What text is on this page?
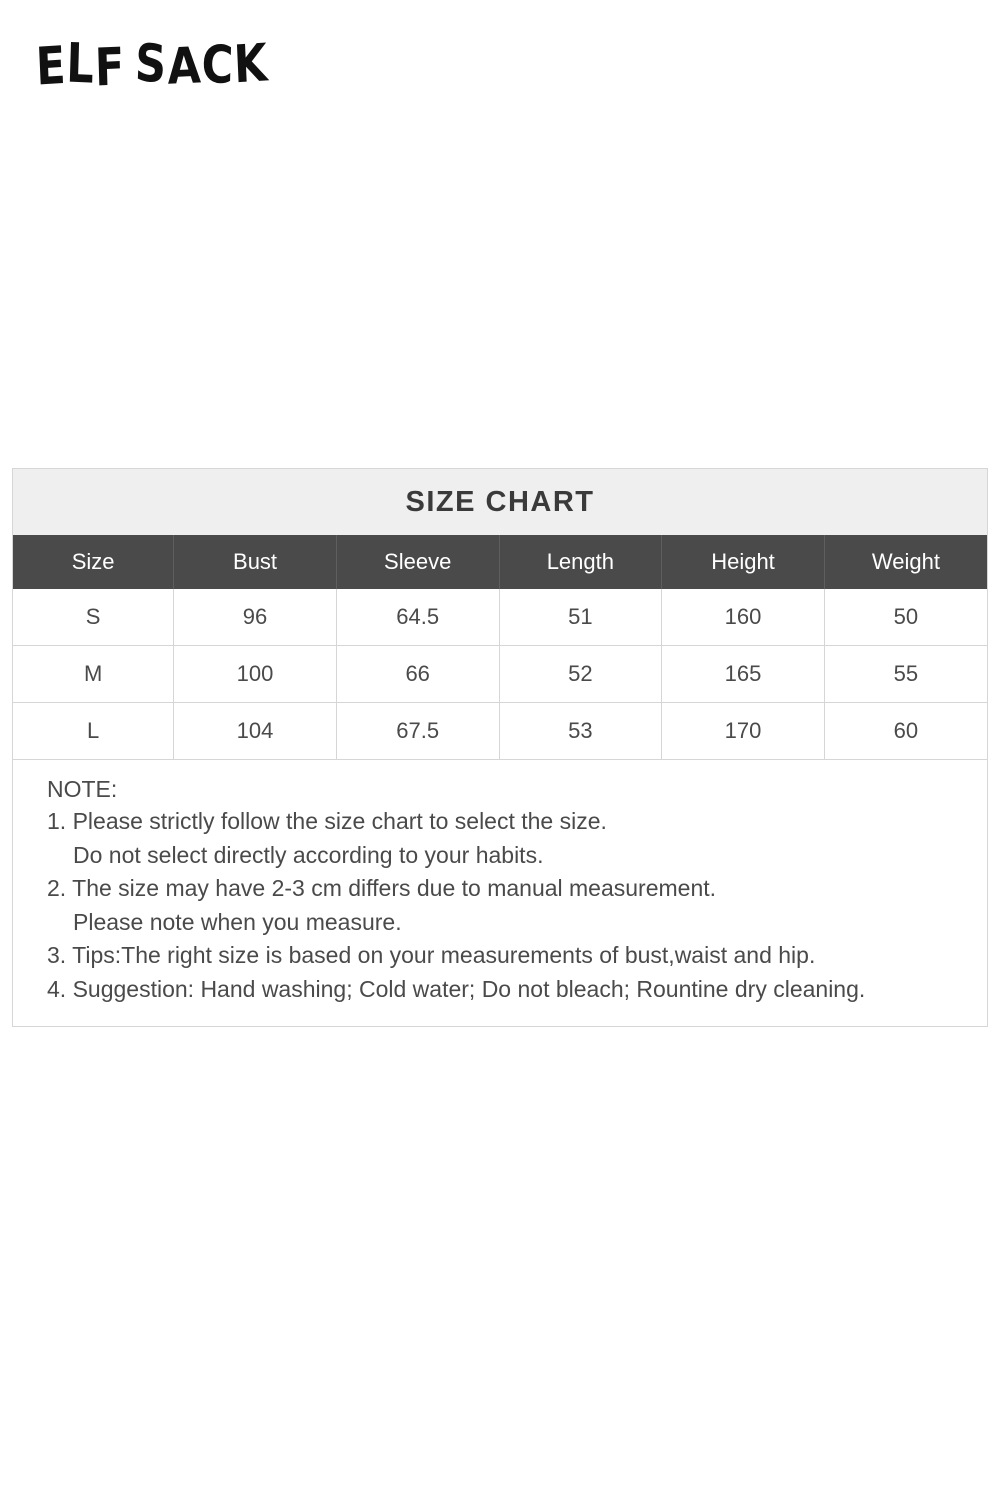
ELF SACK
SIZE CHART
Size	Bust	Sleeve	Length	Height	Weight
S	96	64.5	51	160	50
M	100	66	52	165	55
L	104	67.5	53	170	60
NOTE:
1. Please strictly follow the size chart to select the size.
Do not select directly according to your habits.
2. The size may have 2-3 cm differs due to manual measurement.
Please note when you measure.
3. Tips:The right size is based on your measurements of bust,waist and hip.
4. Suggestion: Hand washing; Cold water; Do not bleach; Rountine dry cleaning.
